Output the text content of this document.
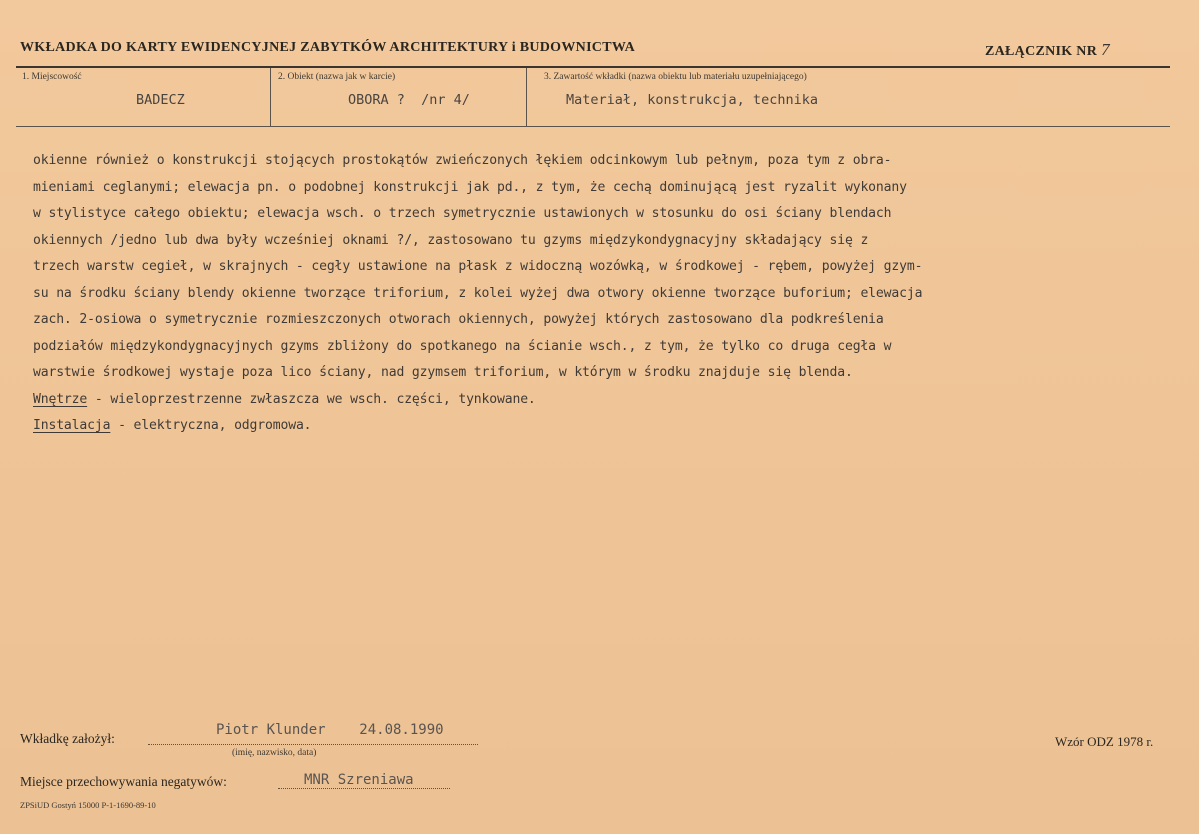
WKŁADKA DO KARTY EWIDENCYJNEJ ZABYTKÓW ARCHITEKTURY i BUDOWNICTWA	ZAŁĄCZNIK NR 7
1. Miejscowość
BADECZ
2. Obiekt (nazwa jak w karcie)
OBORA ?  /nr 4/
3. Zawartość wkładki (nazwa obiektu lub materiału uzupełniającego)
Materiał, konstrukcja, technika
okienne również o konstrukcji stojących prostokątów zwieńczonych łękiem odcinkowym lub pełnym, poza tym z obra-
mieniami ceglanymi; elewacja pn. o podobnej konstrukcji jak pd., z tym, że cechą dominującą jest ryzalit wykonany
w stylistyce całego obiektu; elewacja wsch. o trzech symetrycznie ustawionych w stosunku do osi ściany blendach
okiennych /jedno lub dwa były wcześniej oknami ?/, zastosowano tu gzyms międzykondygnacyjny składający się z
trzech warstw cegieł, w skrajnych - cegły ustawione na płask z widoczną wozówką, w środkowej - rębem, powyżej gzym-
su na środku ściany blendy okienne tworzące triforium, z kolei wyżej dwa otwory okienne tworzące buforium; elewacja
zach. 2-osiowa o symetrycznie rozmieszczonych otworach okiennych, powyżej których zastosowano dla podkreślenia
podziałów międzykondygnacyjnych gzyms zbliżony do spotkanego na ścianie wsch., z tym, że tylko co druga cegła w
warstwie środkowej wystaje poza lico ściany, nad gzymsem triforium, w którym w środku znajduje się blenda.
Wnętrze - wieloprzestrzenne zwłaszcza we wsch. części, tynkowane.
Instalacja - elektryczna, odgromowa.
Wkładkę założył:
Piotr Klunder    24.08.1990
(imię, nazwisko, data)
Miejsce przechowywania negatywów:	MNR Szreniawa
Wzór ODZ 1978 r.
ZPSiUD Gostyń 15000 P-1-1690-89-10
